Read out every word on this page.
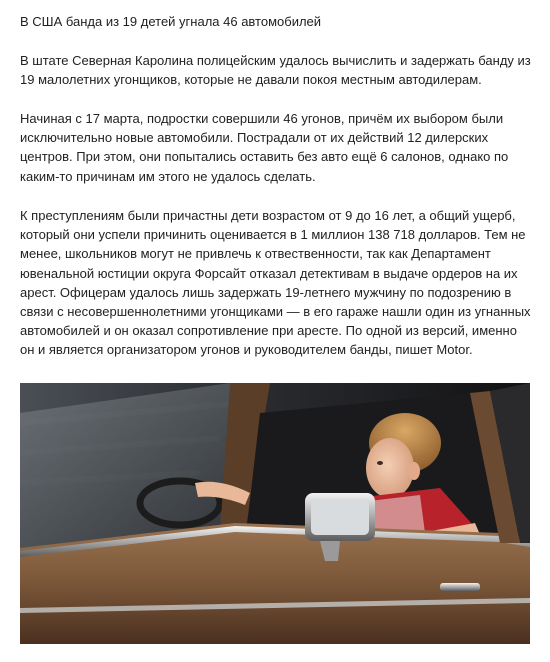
В США банда из 19 детей угнала 46 автомобилей

В штате Северная Каролина полицейским удалось вычислить и задержать банду из 19 малолетних угонщиков, которые не давали покоя местным автодилерам.

Начиная с 17 марта, подростки совершили 46 угонов, причём их выбором были исключительно новые автомобили. Пострадали от их действий 12 дилерских центров. При этом, они попытались оставить без авто ещё 6 салонов, однако по каким-то причинам им этого не удалось сделать.

К преступлениям были причастны дети возрастом от 9 до 16 лет, а общий ущерб, который они успели причинить оценивается в 1 миллион 138 718 долларов. Тем не менее, школьников могут не привлечь к отвественности, так как Департамент ювенальной юстиции округа Форсайт отказал детективам в выдаче ордеров на их арест. Офицерам удалось лишь задержать 19-летнего мужчину по подозрению в связи с несовершеннолетними угонщиками — в его гараже нашли один из угнанных автомобилей и он оказал сопротивление при аресте. По одной из версий, именно он и является организатором угонов и руководителем банды, пишет Motor.
